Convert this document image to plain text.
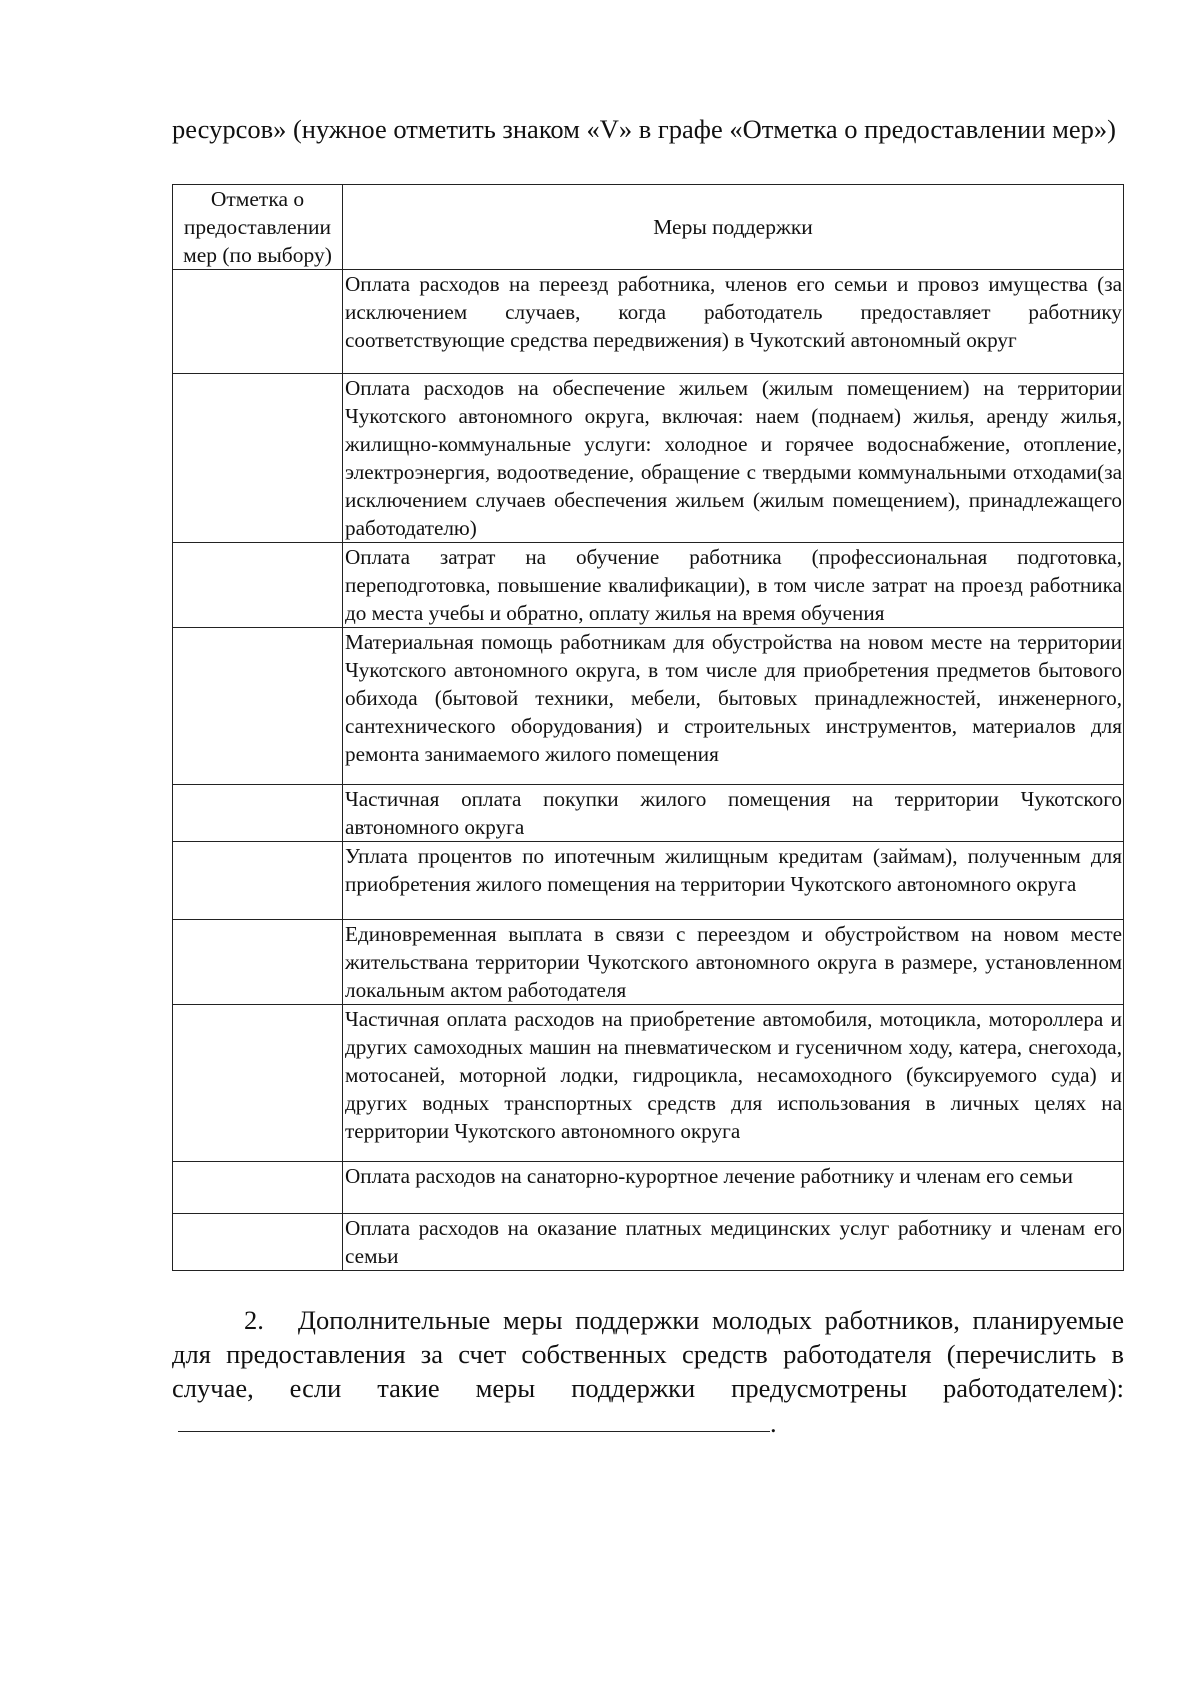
ресурсов» (нужное отметить знаком «V» в графе «Отметка о предоставлении мер»)

Отметка о предоставлении мер (по выбору)	Меры поддержки
	Оплата расходов на переезд работника, членов его семьи и провоз имущества (за исключением случаев, когда работодатель предоставляет работнику соответствующие средства передвижения) в Чукотский автономный округ
	Оплата расходов на обеспечение жильем (жилым помещением) на территории Чукотского автономного округа, включая: наем (поднаем) жилья, аренду жилья, жилищно-коммунальные услуги: холодное и горячее водоснабжение, отопление, электроэнергия, водоотведение, обращение с твердыми коммунальными отходами(за исключением случаев обеспечения жильем (жилым помещением), принадлежащего работодателю)
	Оплата затрат на обучение работника (профессиональная подготовка, переподготовка, повышение квалификации), в том числе затрат на проезд работника до места учебы и обратно, оплату жилья на время обучения
	Материальная помощь работникам для обустройства на новом месте на территории Чукотского автономного округа, в том числе для приобретения предметов бытового обихода (бытовой техники, мебели, бытовых принадлежностей, инженерного, сантехнического оборудования) и строительных инструментов, материалов для ремонта занимаемого жилого помещения
	Частичная оплата покупки жилого помещения на территории Чукотского автономного округа
	Уплата процентов по ипотечным жилищным кредитам (займам), полученным для приобретения жилого помещения на территории Чукотского автономного округа
	Единовременная выплата в связи с переездом и обустройством на новом месте жительствана территории Чукотского автономного округа в размере, установленном локальным актом работодателя
	Частичная оплата расходов на приобретение автомобиля, мотоцикла, мотороллера и других самоходных машин на пневматическом и гусеничном ходу, катера, снегохода, мотосаней, моторной лодки, гидроцикла, несамоходного (буксируемого суда) и других водных транспортных средств для использования в личных целях на территории Чукотского автономного округа
	Оплата расходов на санаторно-курортное лечение работнику и членам его семьи
	Оплата расходов на оказание платных медицинских услуг работнику и членам его семьи
2. Дополнительные меры поддержки молодых работников, планируемые для предоставления за счет собственных средств работодателя (перечислить в случае, если такие меры поддержки предусмотрены работодателем):.
